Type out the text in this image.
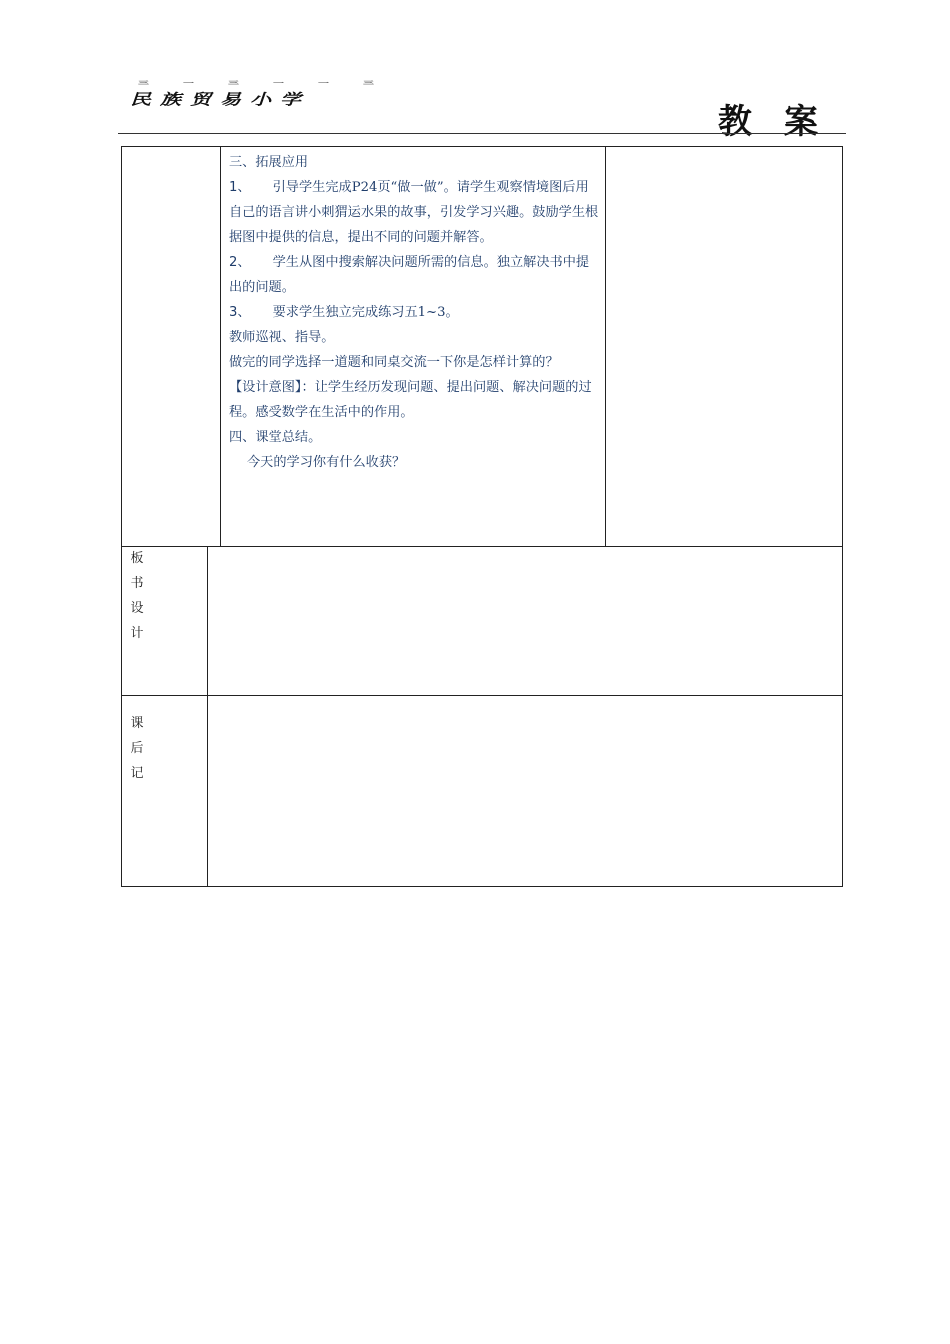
三一三一一三
民族贸易小学
教案

三、拓展应用

1、 引导学生完成P24页“做一做”。请学生观察情境图后用自己的语言讲小刺猬运水果的故事，引发学习兴趣。鼓励学生根据图中提供的信息，提出不同的问题并解答。

2、 学生从图中搜索解决问题所需的信息。独立解决书中提出的问题。

3、 要求学生独立完成练习五1~3。

教师巡视、指导。

做完的同学选择一道题和同桌交流一下你是怎样计算的？

【设计意图】：让学生经历发现问题、提出问题、解决问题的过程。感受数学在生活中的作用。

四、课堂总结。

今天的学习你有什么收获？

板
书
设
计
课
后
记
